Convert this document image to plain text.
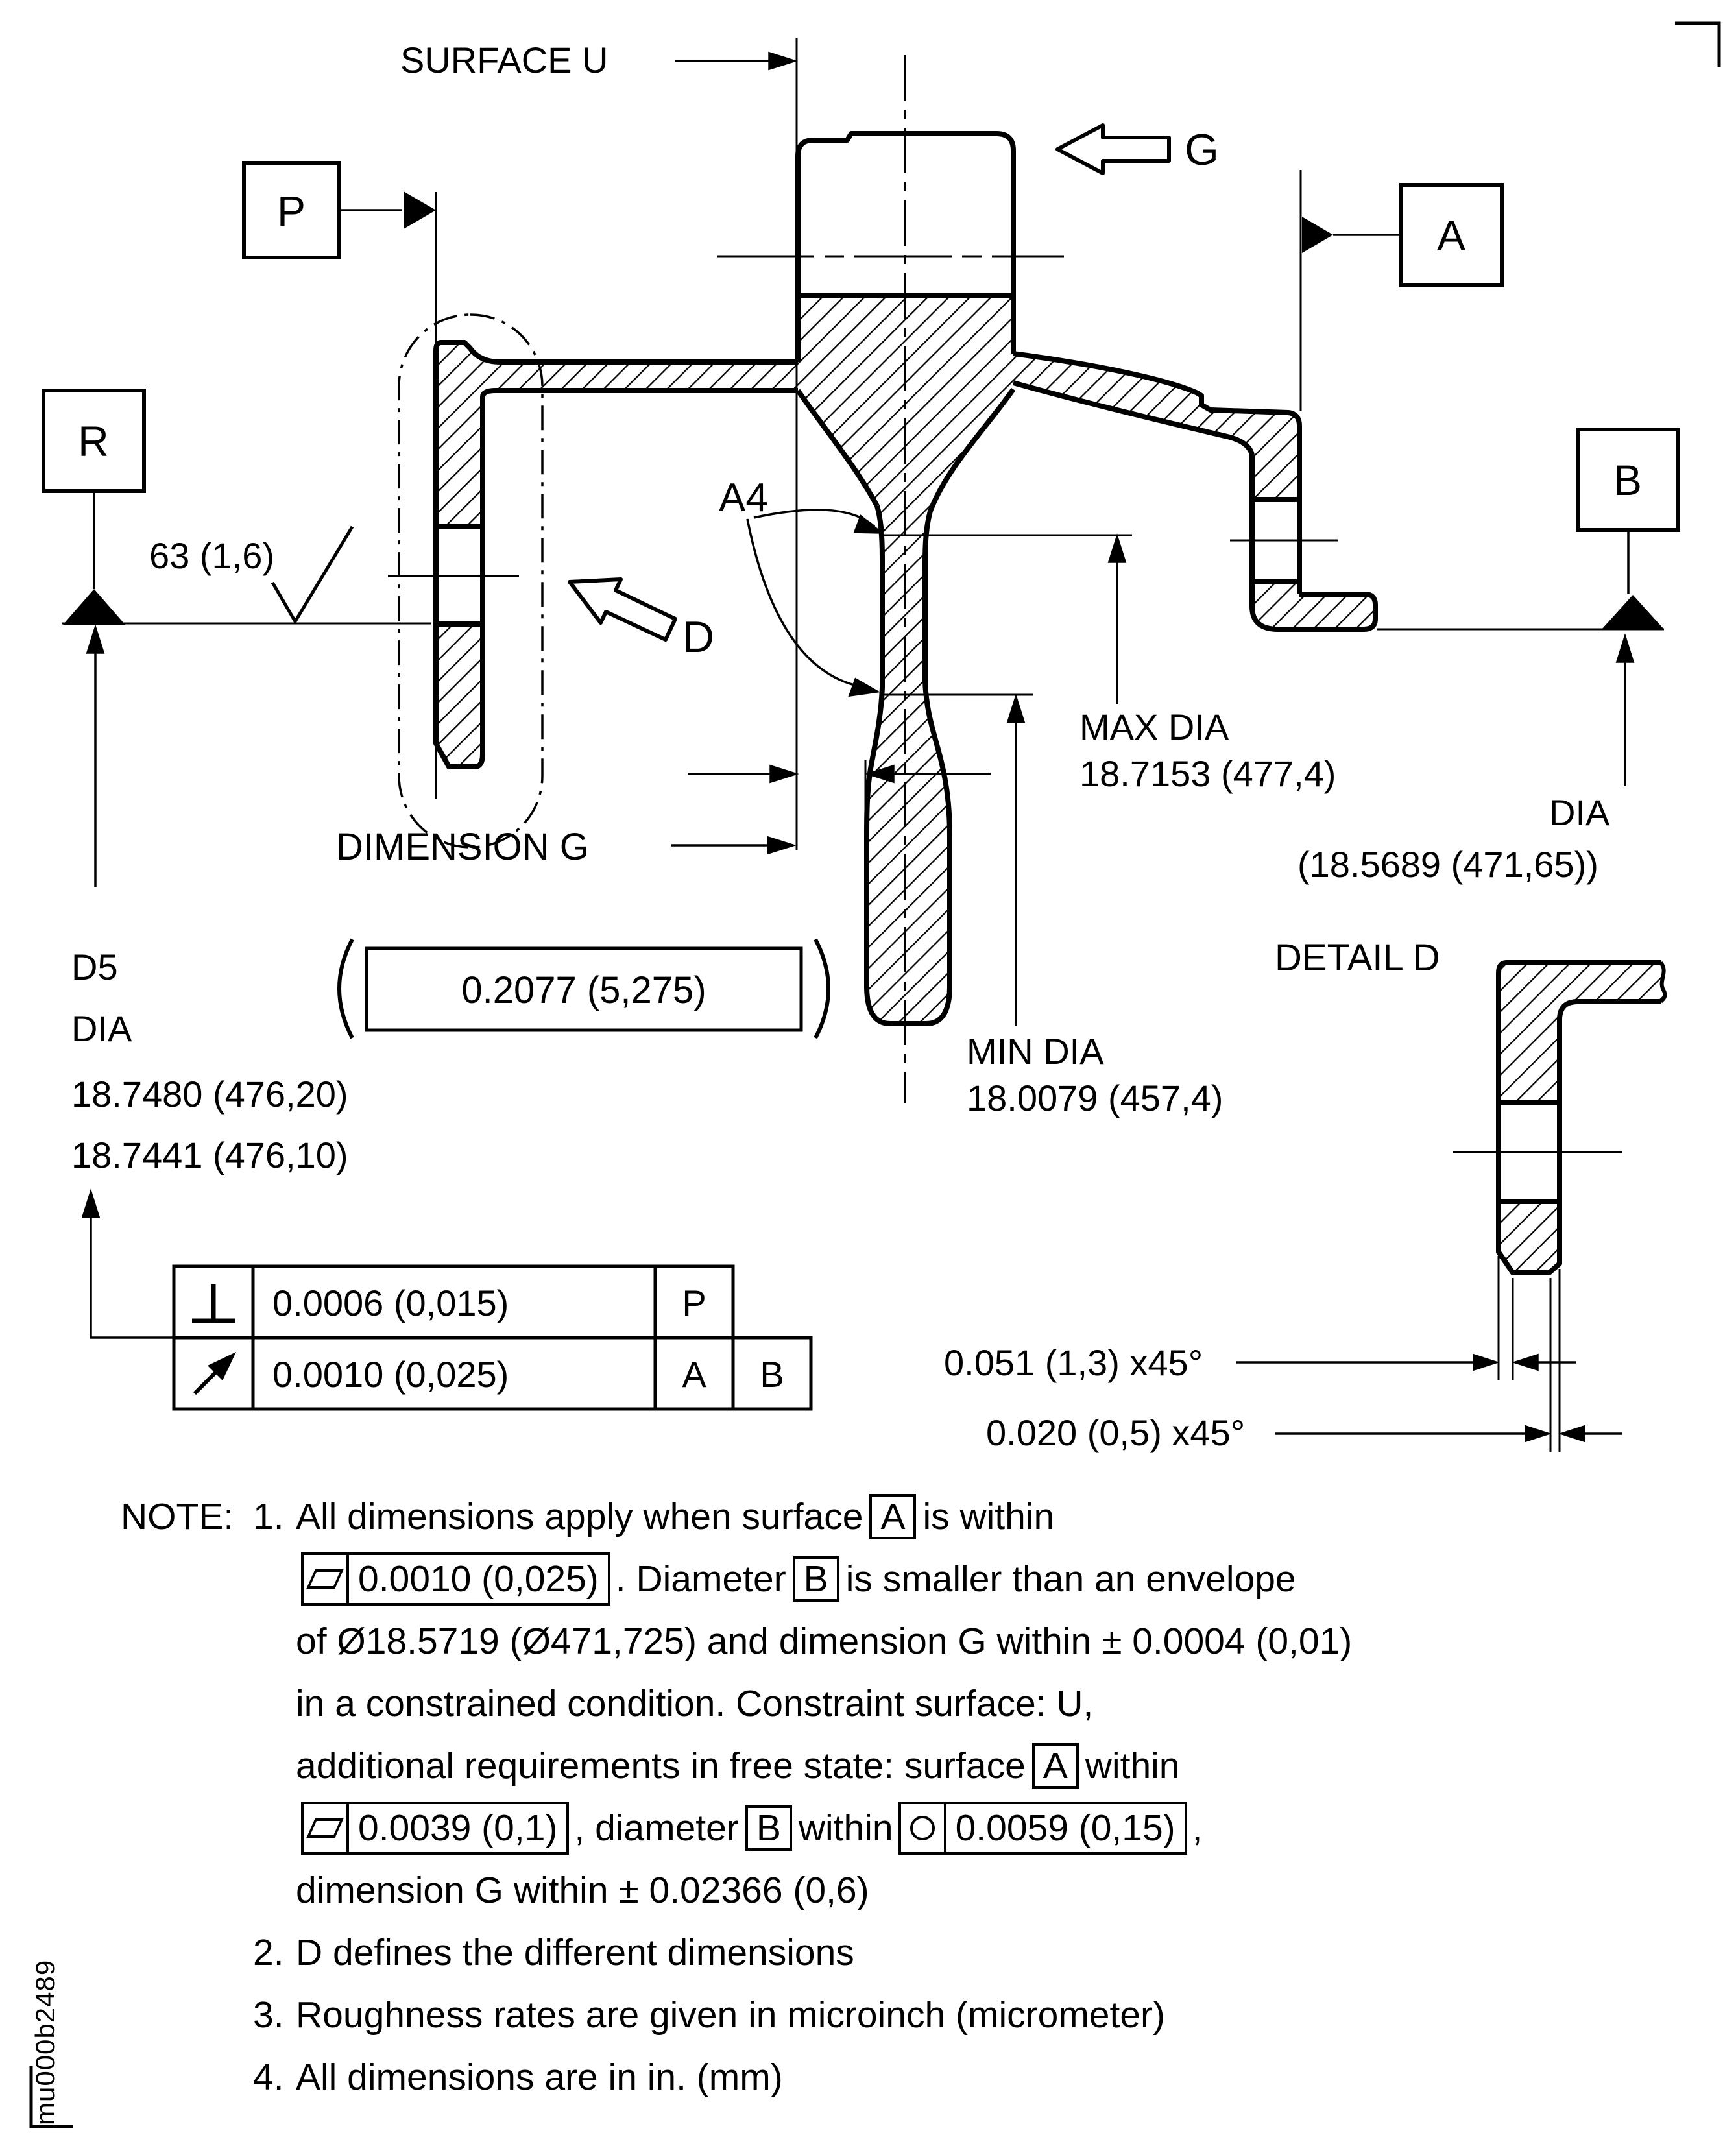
P
A
R
B
63 (1,6)
0.0006 (0,015)	P
0.0010 (0,025)	A B
SURFACE U
G
D
A4
DIMENSION G
0.2077 (5,275)
MAX DIA
18.7153 (477,4)
DIA
(18.5689 (471,65))
D5
DIA
18.7480 (476,20)
18.7441 (476,10)
MIN DIA
18.0079 (457,4)
DETAIL D
0.051 (1,3) x45°
0.020 (0,5) x45°
NOTE: 1. All dimensions apply when surface A is within
0.0010 (0,025) . Diameter B is smaller than an envelope
of Ø18.5719 (Ø471,725) and dimension G within ± 0.0004 (0,01)
in a constrained condition. Constraint surface: U,
additional requirements in free state: surface A within
0.0039 (0,1) , diameter B within 0.0059 (0,15) ,
dimension G within ± 0.02366 (0,6)
2. D defines the different dimensions
3. Roughness rates are given in microinch (micrometer)
4. All dimensions are in in. (mm)
mu000b2489
